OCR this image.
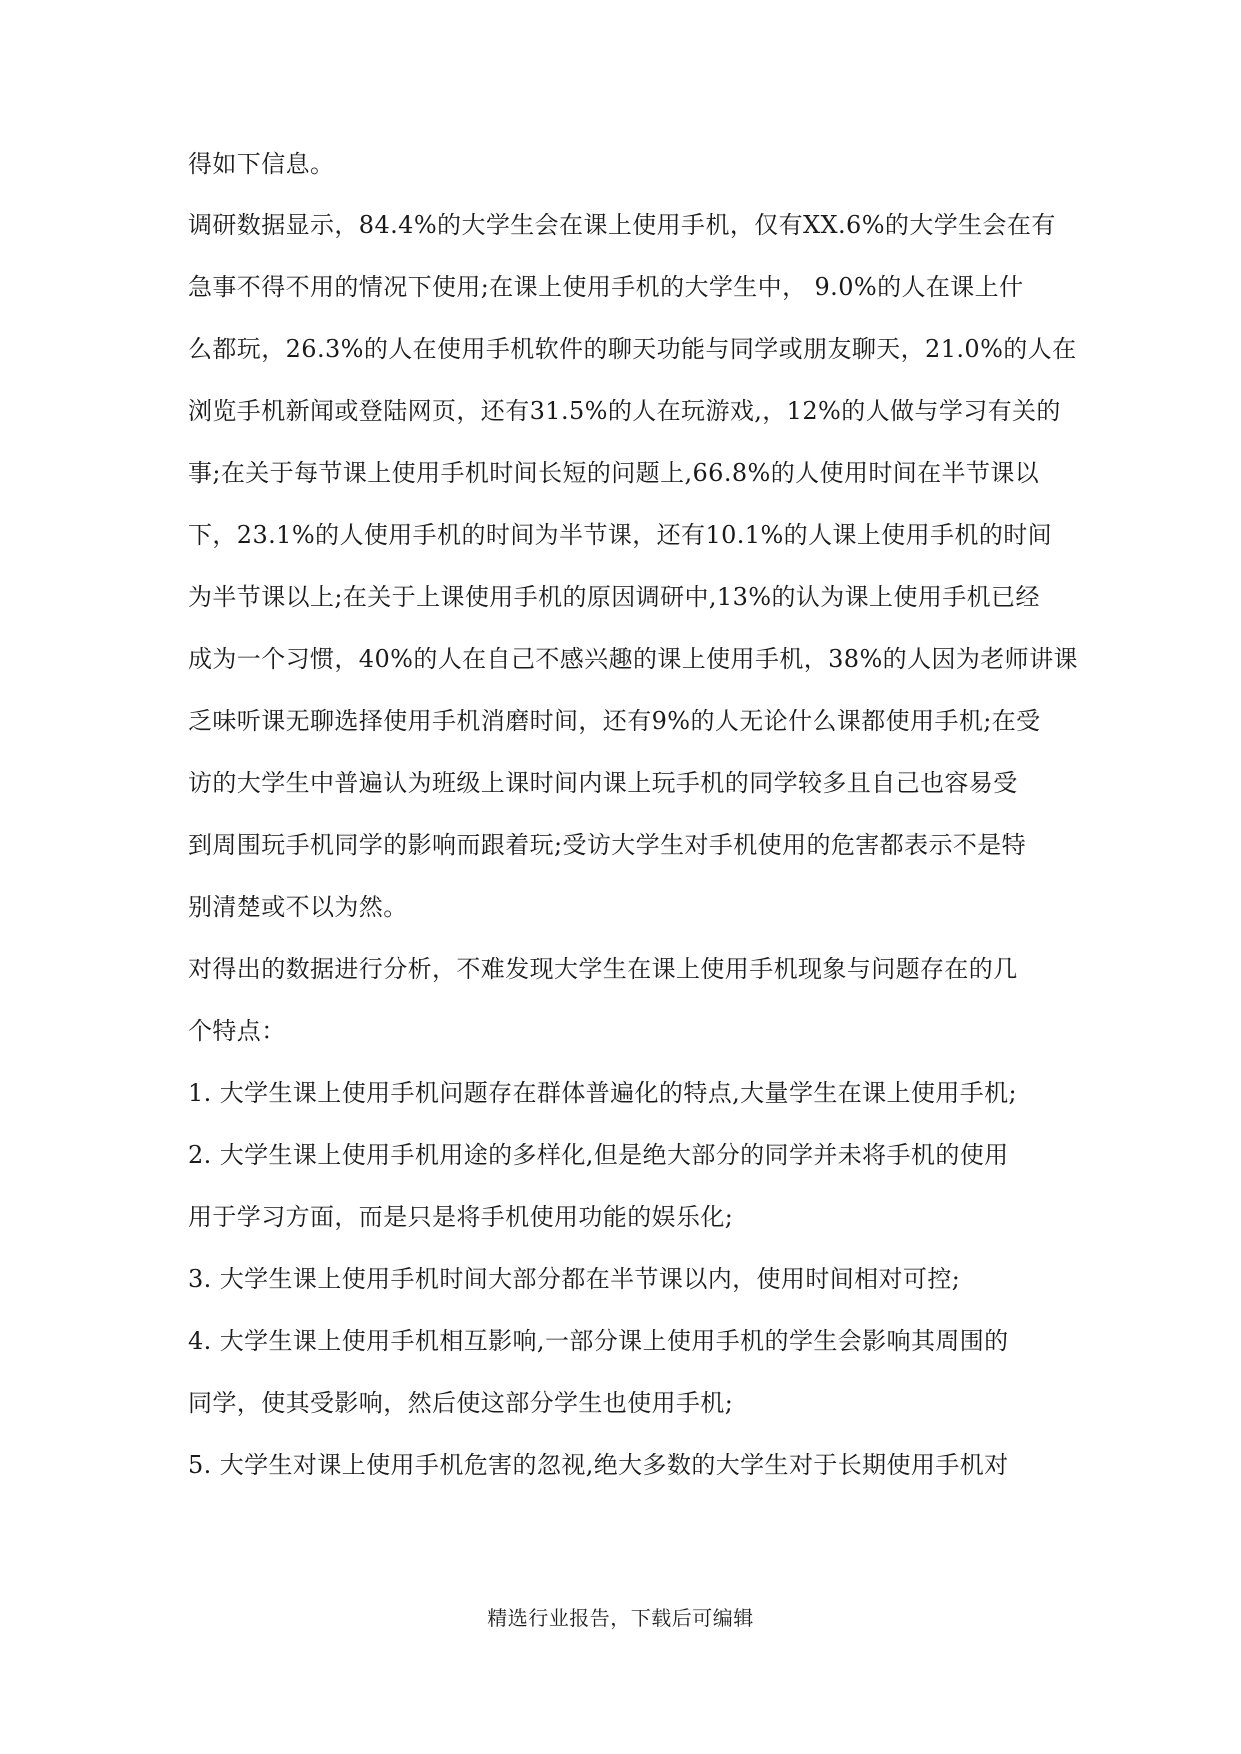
得如下信息。
调研数据显示，84.4%的大学生会在课上使用手机，仅有XX.6%的大学生会在有
急事不得不用的情况下使用;在课上使用手机的大学生中， 9.0%的人在课上什
么都玩，26.3%的人在使用手机软件的聊天功能与同学或朋友聊天，21.0%的人在
浏览手机新闻或登陆网页，还有31.5%的人在玩游戏,，12%的人做与学习有关的
事;在关于每节课上使用手机时间长短的问题上,66.8%的人使用时间在半节课以
下，23.1%的人使用手机的时间为半节课，还有10.1%的人课上使用手机的时间
为半节课以上;在关于上课使用手机的原因调研中,13%的认为课上使用手机已经
成为一个习惯，40%的人在自己不感兴趣的课上使用手机，38%的人因为老师讲课
乏味听课无聊选择使用手机消磨时间，还有9%的人无论什么课都使用手机;在受
访的大学生中普遍认为班级上课时间内课上玩手机的同学较多且自己也容易受
到周围玩手机同学的影响而跟着玩;受访大学生对手机使用的危害都表示不是特
别清楚或不以为然。
对得出的数据进行分析，不难发现大学生在课上使用手机现象与问题存在的几
个特点：
1. 大学生课上使用手机问题存在群体普遍化的特点,大量学生在课上使用手机;
2. 大学生课上使用手机用途的多样化,但是绝大部分的同学并未将手机的使用
用于学习方面，而是只是将手机使用功能的娱乐化;
3. 大学生课上使用手机时间大部分都在半节课以内，使用时间相对可控;
4. 大学生课上使用手机相互影响,一部分课上使用手机的学生会影响其周围的
同学，使其受影响，然后使这部分学生也使用手机;
5. 大学生对课上使用手机危害的忽视,绝大多数的大学生对于长期使用手机对
精选行业报告，下载后可编辑
